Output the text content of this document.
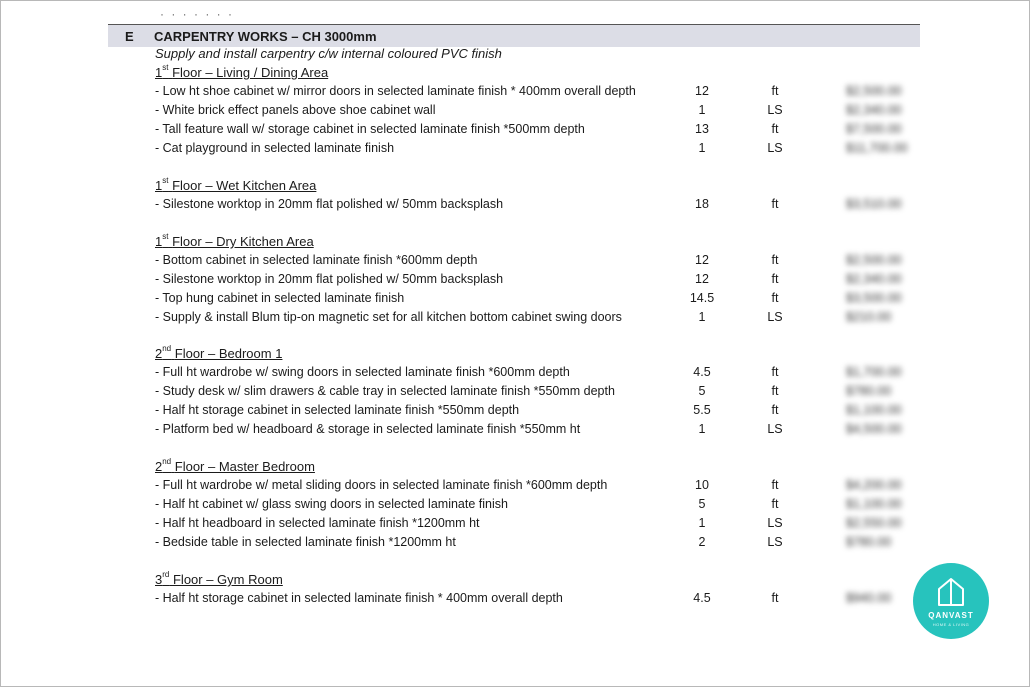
· · · · · · ·
E CARPENTRY WORKS – CH 3000mm
Supply and install carpentry c/w internal coloured PVC finish
1st Floor – Living / Dining Area
- Low ht shoe cabinet w/ mirror doors in selected laminate finish * 400mm overall depth	12	ft	$2,500.00
- White brick effect panels above shoe cabinet wall	1	LS	$2,340.00
- Tall feature wall w/ storage cabinet in selected laminate finish *500mm depth	13	ft	$7,500.00
- Cat playground in selected laminate finish	1	LS	$11,700.00
1st Floor – Wet Kitchen Area
- Silestone worktop in 20mm flat polished w/ 50mm backsplash	18	ft	$3,510.00
1st Floor – Dry Kitchen Area
- Bottom cabinet in selected laminate finish *600mm depth	12	ft	$2,500.00
- Silestone worktop in 20mm flat polished w/ 50mm backsplash	12	ft	$2,340.00
- Top hung cabinet in selected laminate finish	14.5	ft	$3,500.00
- Supply & install Blum tip-on magnetic set for all kitchen bottom cabinet swing doors	1	LS	$210.00
2nd Floor – Bedroom 1
- Full ht wardrobe w/ swing doors in selected laminate finish *600mm depth	4.5	ft	$1,700.00
- Study desk w/ slim drawers & cable tray in selected laminate finish *550mm depth	5	ft	$780.00
- Half ht storage cabinet in selected laminate finish *550mm depth	5.5	ft	$1,100.00
- Platform bed w/ headboard & storage in selected laminate finish *550mm ht	1	LS	$4,500.00
2nd Floor – Master Bedroom
- Full ht wardrobe w/ metal sliding doors in selected laminate finish *600mm depth	10	ft	$4,200.00
- Half ht cabinet w/ glass swing doors in selected laminate finish	5	ft	$1,100.00
- Half ht headboard in selected laminate finish *1200mm ht	1	LS	$2,550.00
- Bedside table in selected laminate finish *1200mm ht	2	LS	$780.00
3rd Floor – Gym Room
- Half ht storage cabinet in selected laminate finish * 400mm overall depth	4.5	ft	$940.00
QANVAST
HOME & LIVING
